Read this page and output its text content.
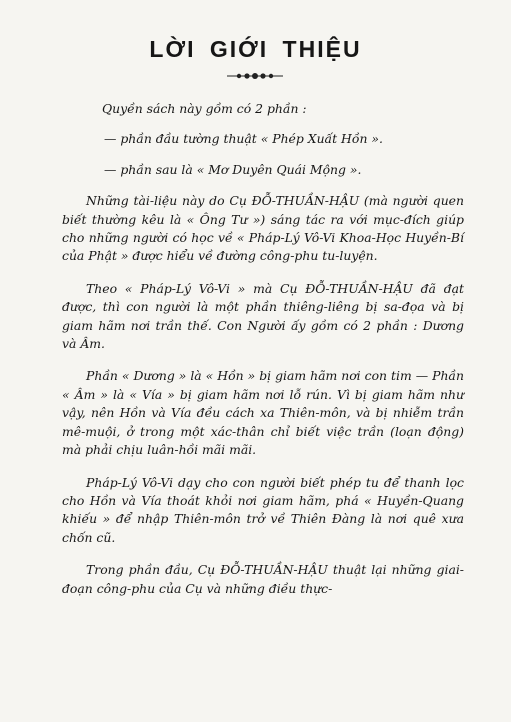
LỜI GIỚI THIỆU

Quyền sách này gồm có 2 phần :

— phần đầu tường thuật « Phép Xuất Hồn ».

— phần sau là « Mơ Duyên Quái Mộng ».

Những tài-liệu này do Cụ ĐỖ-THUẦN-HẬU (mà người quen biết thường kêu là « Ông Tư ») sáng tác ra với mục-đích giúp cho những người có học về « Pháp-Lý Vô-Vi Khoa-Học Huyền-Bí của Phật » được hiểu về đường công-phu tu-luyện.

Theo « Pháp-Lý Vô-Vi » mà Cụ ĐỖ-THUẦN-HẬU đã đạt được, thì con người là một phần thiêng-liêng bị sa-đọa và bị giam hãm nơi trần thế. Con Người ấy gồm có 2 phần : Dương và Âm.

Phần « Dương » là « Hồn » bị giam hãm nơi con tim — Phần « Âm » là « Vía » bị giam hãm nơi lỗ rún. Vì bị giam hãm như vậy, nên Hồn và Vía đều cách xa Thiên-môn, và bị nhiễm trần mê-muội, ở trong một xác-thân chỉ biết việc trần (loạn động) mà phải chịu luân-hồi mãi mãi.

Pháp-Lý Vô-Vi dạy cho con người biết phép tu để thanh lọc cho Hồn và Vía thoát khỏi nơi giam hãm, phá « Huyền-Quang khiếu » để nhập Thiên-môn trở về Thiên Đàng là nơi quê xưa chốn cũ.

Trong phần đầu, Cụ ĐỖ-THUẦN-HẬU thuật lại những giai-đoạn công-phu của Cụ và những điều thực-
